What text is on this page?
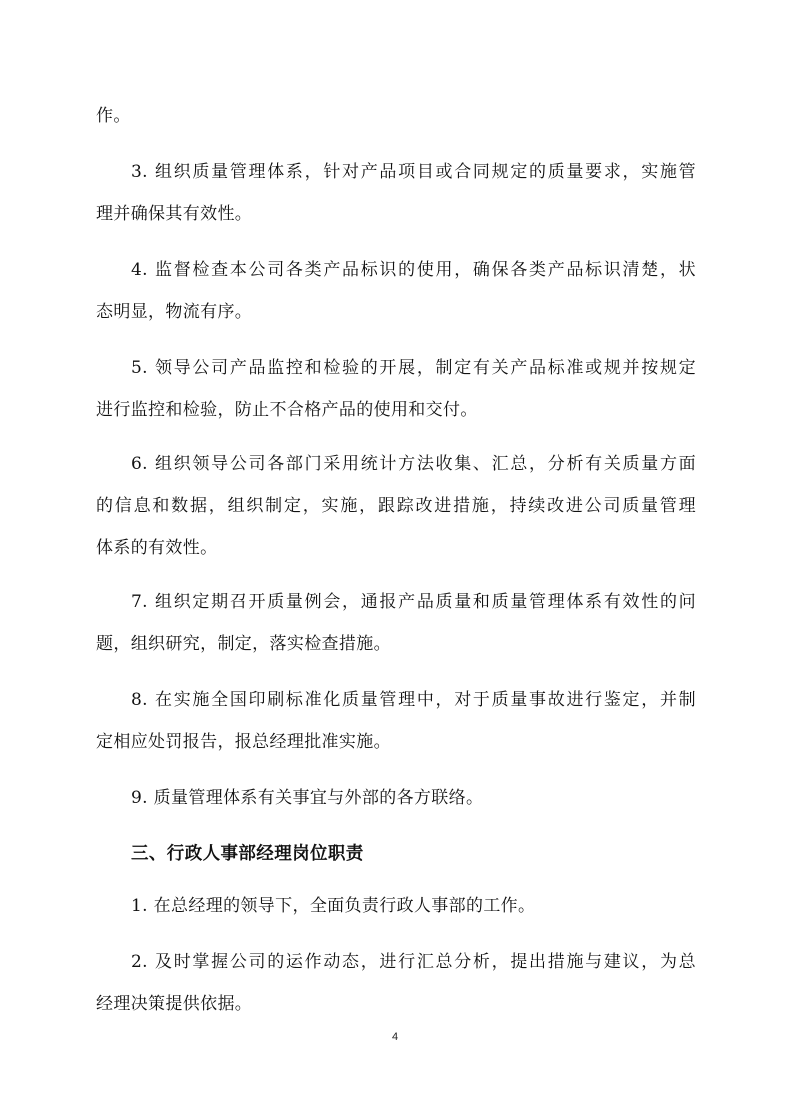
作。
3. 组织质量管理体系，针对产品项目或合同规定的质量要求，实施管
理并确保其有效性。
4. 监督检查本公司各类产品标识的使用，确保各类产品标识清楚，状
态明显，物流有序。
5. 领导公司产品监控和检验的开展，制定有关产品标准或规并按规定
进行监控和检验，防止不合格产品的使用和交付。
6. 组织领导公司各部门采用统计方法收集、汇总，分析有关质量方面
的信息和数据，组织制定，实施，跟踪改进措施，持续改进公司质量管理
体系的有效性。
7. 组织定期召开质量例会，通报产品质量和质量管理体系有效性的问
题，组织研究，制定，落实检查措施。
8. 在实施全国印刷标准化质量管理中，对于质量事故进行鉴定，并制
定相应处罚报告，报总经理批准实施。
9. 质量管理体系有关事宜与外部的各方联络。
三、行政人事部经理岗位职责
1. 在总经理的领导下，全面负责行政人事部的工作。
2. 及时掌握公司的运作动态，进行汇总分析，提出措施与建议，为总
经理决策提供依据。
4
